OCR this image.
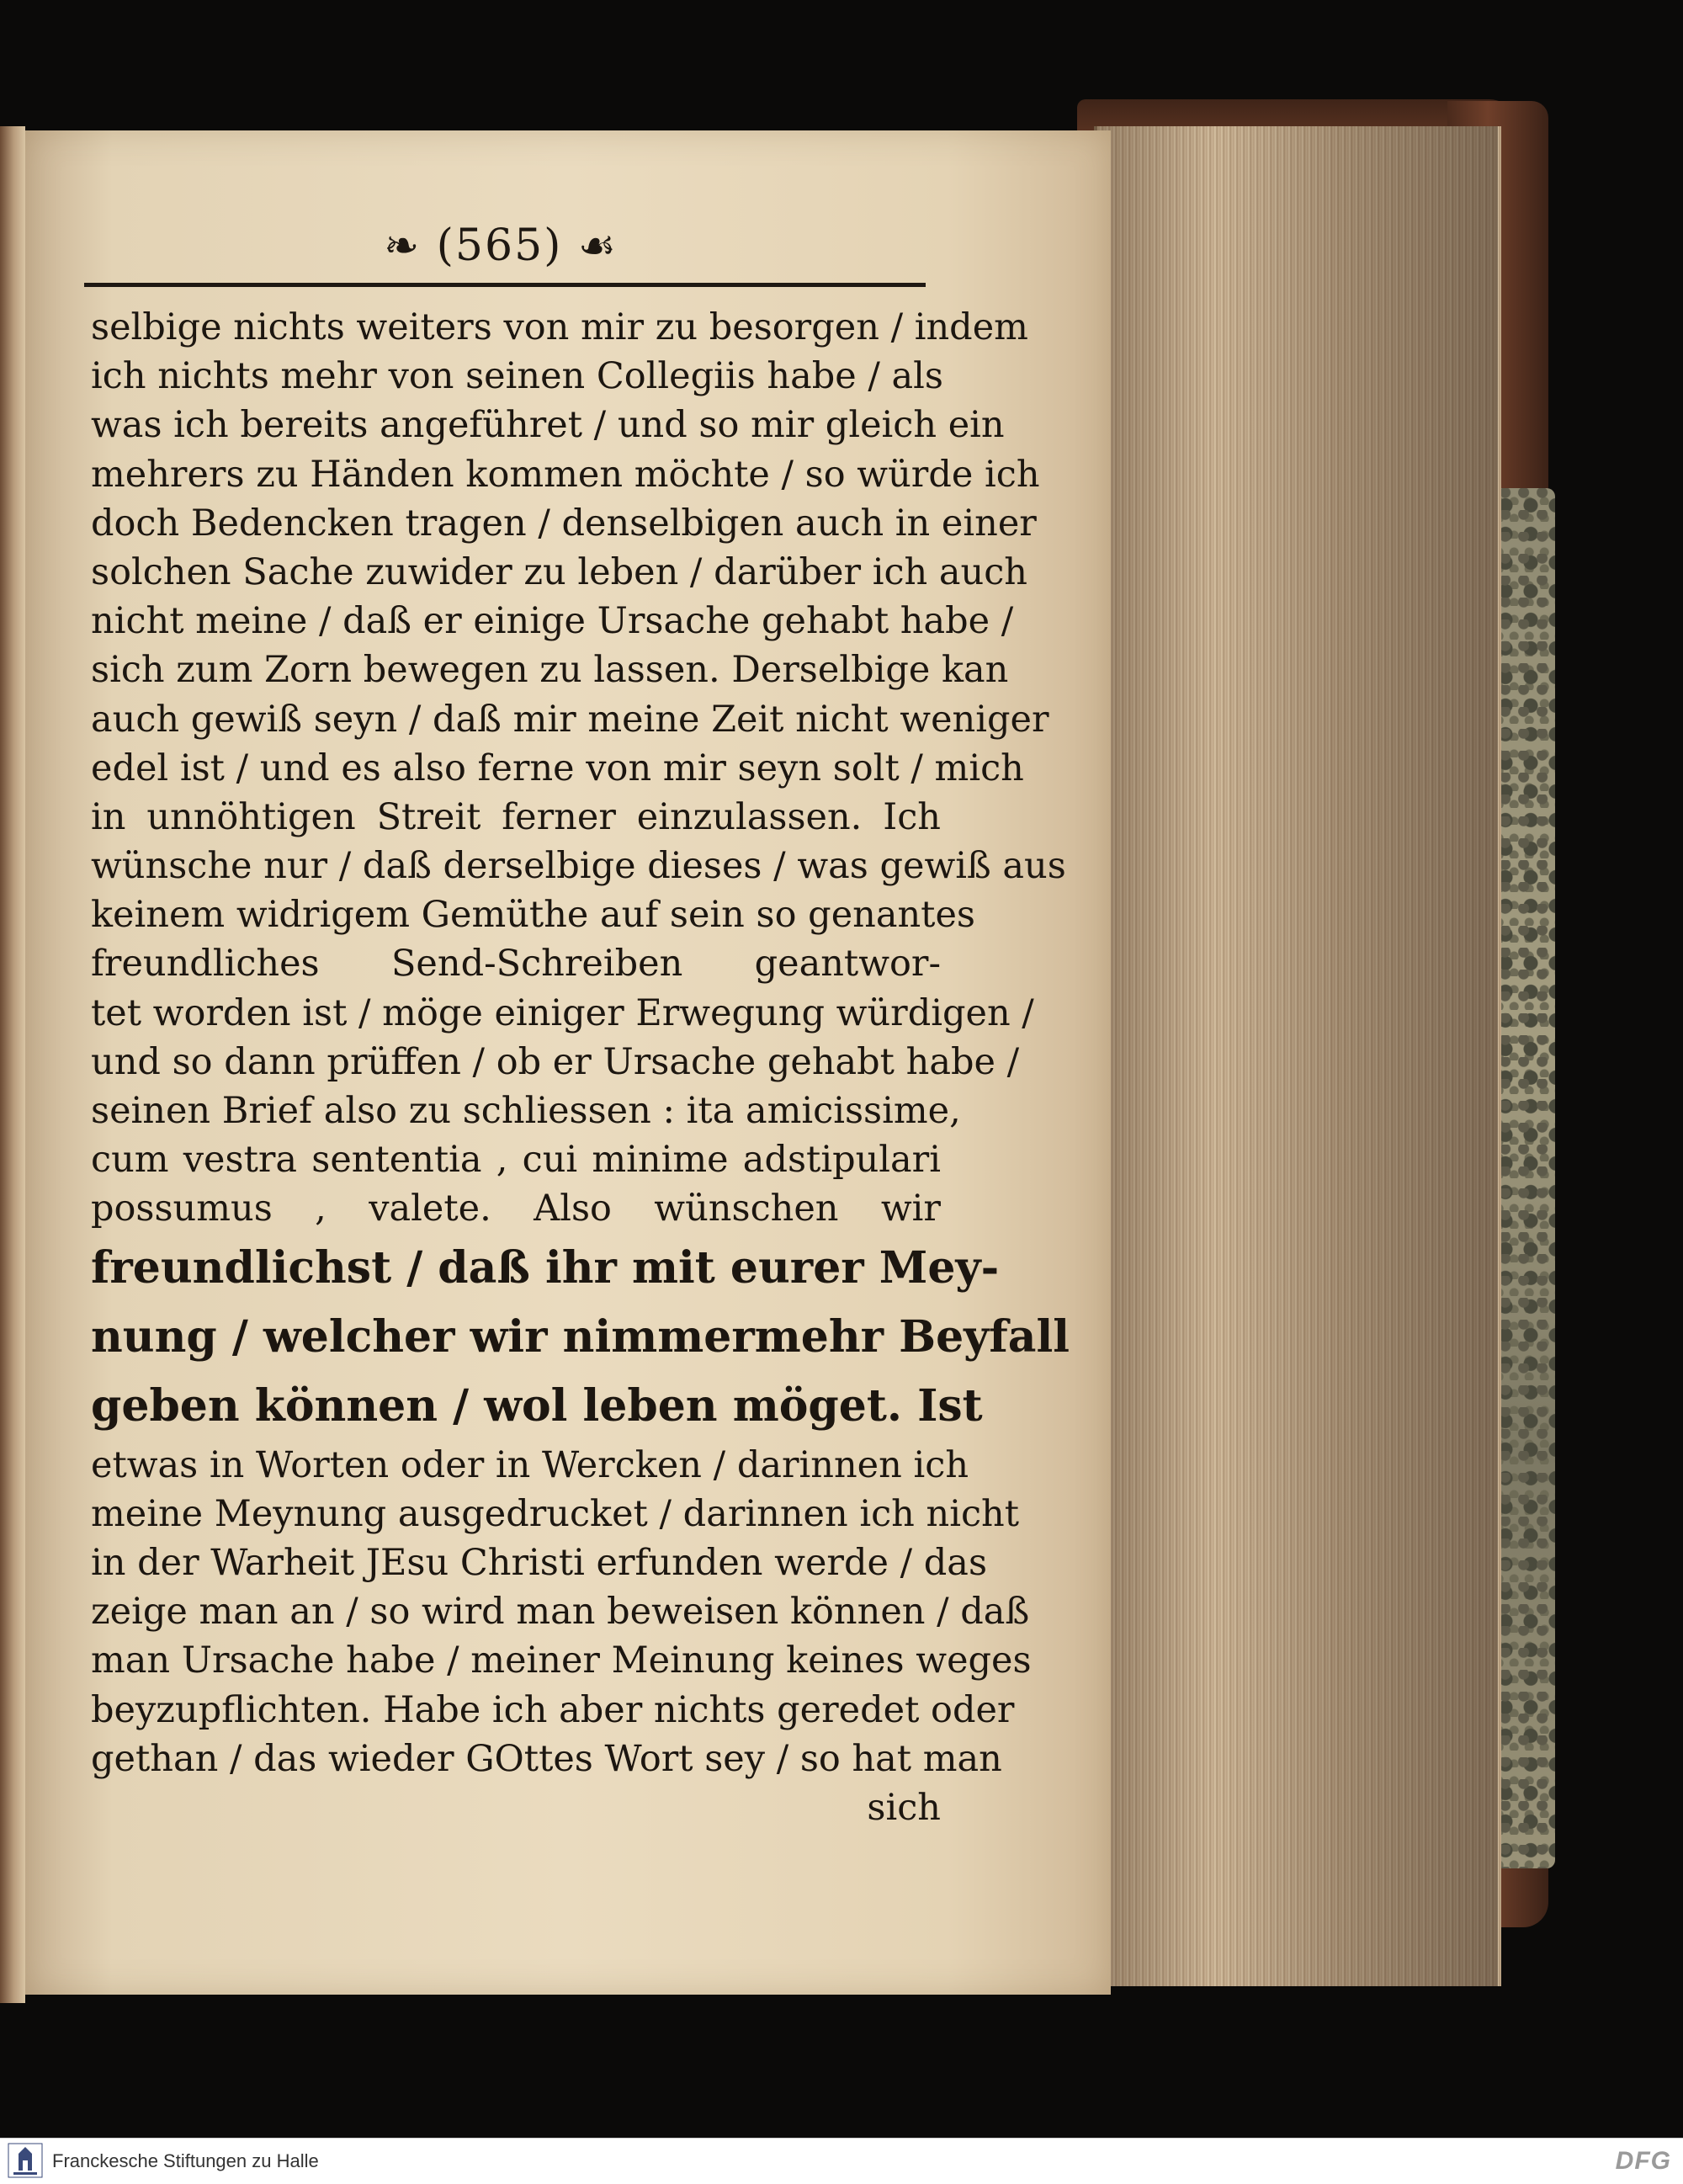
❧ (565) ☙
selbige nichts weiters von mir zu besorgen / indem
ich nichts mehr von seinen Collegiis habe / als
was ich bereits angeführet / und so mir gleich ein
mehrers zu Händen kommen möchte / so würde ich
doch Bedencken tragen / denselbigen auch in einer
solchen Sache zuwider zu leben / darüber ich auch
nicht meine / daß er einige Ursache gehabt habe /
sich zum Zorn bewegen zu lassen. Derselbige kan
auch gewiß seyn / daß mir meine Zeit nicht weniger
edel ist / und es also ferne von mir seyn solt / mich
in unnöhtigen Streit ferner einzulassen. Ich
wünsche nur / daß derselbige dieses / was gewiß aus
keinem widrigem Gemüthe auf sein so genantes
freundliches Send-Schreiben geantwor-
tet worden ist / möge einiger Erwegung würdigen /
und so dann prüffen / ob er Ursache gehabt habe /
seinen Brief also zu schliessen : ita amicissime,
cum vestra sententia , cui minime adstipulari
possumus , valete. Also wünschen wir
freundlichst / daß ihr mit eurer Mey-
nung / welcher wir nimmermehr Beyfall
geben können / wol leben möget. Ist
etwas in Worten oder in Wercken / darinnen ich
meine Meynung ausgedrucket / darinnen ich nicht
in der Warheit JEsu Christi erfunden werde / das
zeige man an / so wird man beweisen können / daß
man Ursache habe / meiner Meinung keines weges
beyzupflichten. Habe ich aber nichts geredet oder
gethan / das wieder GOttes Wort sey / so hat man
sich
Franckesche Stiftungen zu Halle	DFG
